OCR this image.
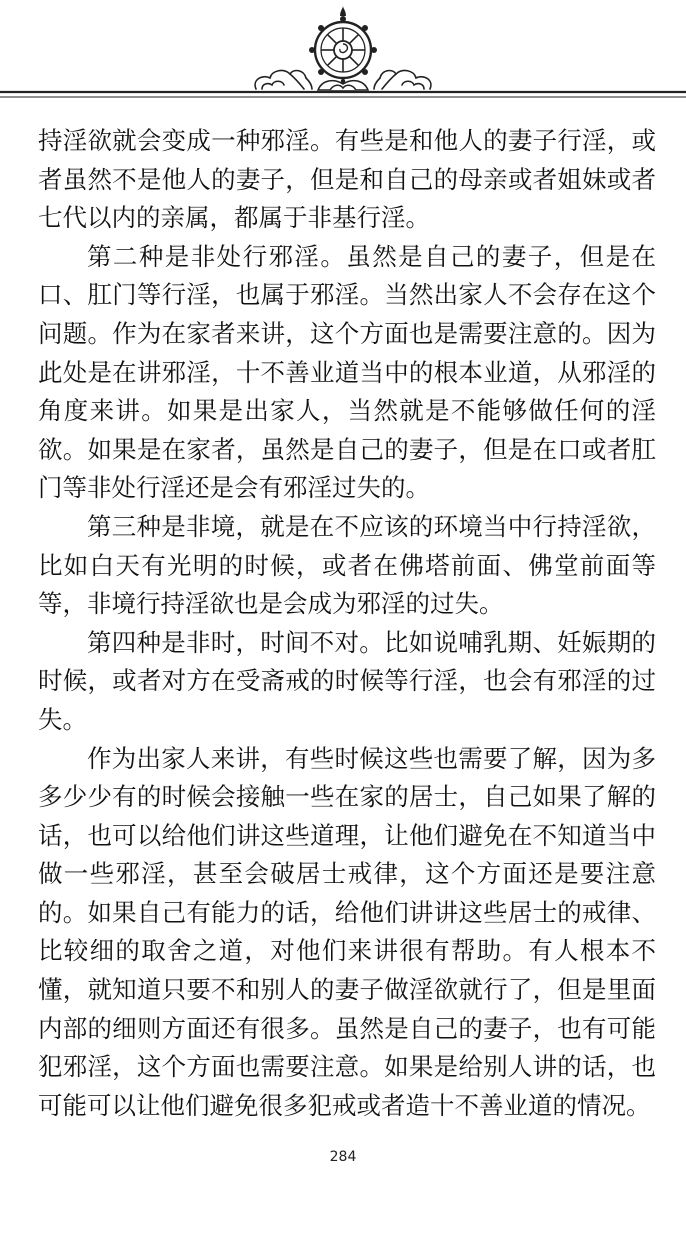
持淫欲就会变成一种邪淫。有些是和他人的妻子行淫，或者虽然不是他人的妻子，但是和自己的母亲或者姐妹或者七代以内的亲属，都属于非基行淫。

第二种是非处行邪淫。虽然是自己的妻子，但是在口、肛门等行淫，也属于邪淫。当然出家人不会存在这个问题。作为在家者来讲，这个方面也是需要注意的。因为此处是在讲邪淫，十不善业道当中的根本业道，从邪淫的角度来讲。如果是出家人，当然就是不能够做任何的淫欲。如果是在家者，虽然是自己的妻子，但是在口或者肛门等非处行淫还是会有邪淫过失的。

第三种是非境，就是在不应该的环境当中行持淫欲，比如白天有光明的时候，或者在佛塔前面、佛堂前面等等，非境行持淫欲也是会成为邪淫的过失。

第四种是非时，时间不对。比如说哺乳期、妊娠期的时候，或者对方在受斋戒的时候等行淫，也会有邪淫的过失。

作为出家人来讲，有些时候这些也需要了解，因为多多少少有的时候会接触一些在家的居士，自己如果了解的话，也可以给他们讲这些道理，让他们避免在不知道当中做一些邪淫，甚至会破居士戒律，这个方面还是要注意的。如果自己有能力的话，给他们讲讲这些居士的戒律、比较细的取舍之道，对他们来讲很有帮助。有人根本不懂，就知道只要不和别人的妻子做淫欲就行了，但是里面内部的细则方面还有很多。虽然是自己的妻子，也有可能犯邪淫，这个方面也需要注意。如果是给别人讲的话，也可能可以让他们避免很多犯戒或者造十不善业道的情况。

284
